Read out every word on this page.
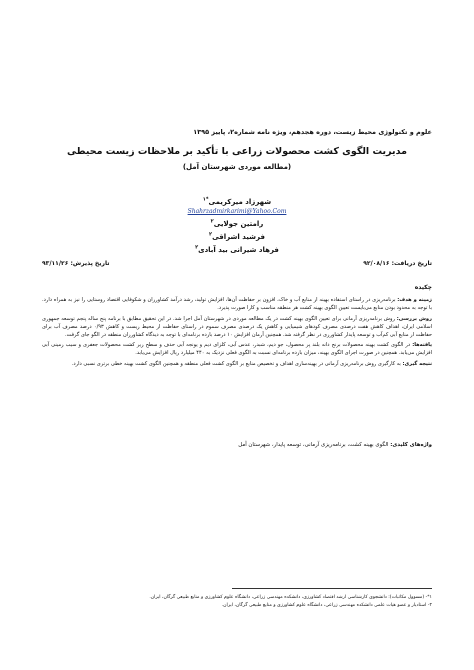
علوم و تکنولوژی محیط زیست، دوره هجدهم، ویژه نامه شماره۲، پاییز ۱۳۹۵
مدیریت الگوی کشت محصولات زراعی با تأکید بر ملاحظات زیست محیطی
(مطالعه موردی شهرستان آمل)
شهرزاد میرکریمی$^{*۱}$
Shahrzadmirkarimi@Yahoo.Com
رامتین جولایی$^۲$
فرشید اشراقی$^۲$
فرهاد شیرانی بید آبادی$^۲$
تاریخ دریافت: ۹۲/۰۸/۱۶
تاریخ پذیرش: ۹۳/۱۱/۲۶
چکیده

زمینه و هدف: برنامه‌ریزی در راستای استفاده بهینه از منابع آب و خاک، افزون بر حفاظت آن‌ها، افزایش تولید، رشد درآمد کشاورزان و شکوفایی اقتصاد روستایی را نیز به همراه دارد. با توجه به محدود بودن منابع می‌بایست تعیین الگوی بهینه کشت هر منطقه مناسب و کارا صورت پذیرد.

روش بررسی: روش برنامه‌ریزی آرمانی برای تعیین الگوی بهینه کشت در یک مطالعه موردی در شهرستان آمل اجرا شد. در این تحقیق مطابق با برنامه پنج ساله پنجم توسعه جمهوری اسلامی ایران، اهداف کاهش هفت درصدی مصرف کودهای شیمیایی و کاهش یک درصدی مصرف سموم در راستای حفاظت از محیط زیست و کاهش ۰/۹۳ درصد مصرف آب برای حفاظت از منابع آبی کم‌آب و توسعه پایدار کشاورزی در نظر گرفته شد. همچنین آرمان افزایش ۱۰ درصد بازده برنامه‌ای با توجه به دیدگاه کشاورزان منطقه در الگو جای گرفت.

یافته‌ها: در الگوی کشت بهینه محصولات برنج دانه بلند پر محصول، جو دیم، شبدر، عدس آبی، کلزای دیم و یونجه آبی حذف و سطح زیر کشت محصولات جعفری و سیب زمینی آبی افزایش می‌یابد. همچنین در صورت اجرای الگوی بهینه، میزان بازده برنامه‌ای نسبت به الگوی فعلی نزدیک به ۴۴۰ میلیارد ریال افزایش می‌یابد.

نتیجه گیری: به کارگیری روش برنامه‌ریزی آرمانی در بهینه‌سازی اهداف و تخصیص منابع بر الگوی کشت فعلی منطقه و همچنین الگوی کشت بهینه خطی برتری نسبی دارد.

واژه‌های کلیدی: الگوی بهینه کشت، برنامه‌ریزی آرمانی، توسعه پایدار، شهرستان آمل
۱*- (مسوول مکاتبات): دانشجوی کارشناسی ارشد اقتصاد کشاورزی، دانشکده مهندسی زراعی، دانشگاه علوم کشاورزی و منابع طبیعی گرگان، ایران.
۲- استادیار و عضو هیات علمی دانشکده مهندسی زراعی، دانشگاه علوم کشاورزی و منابع طبیعی گرگان، ایران.
